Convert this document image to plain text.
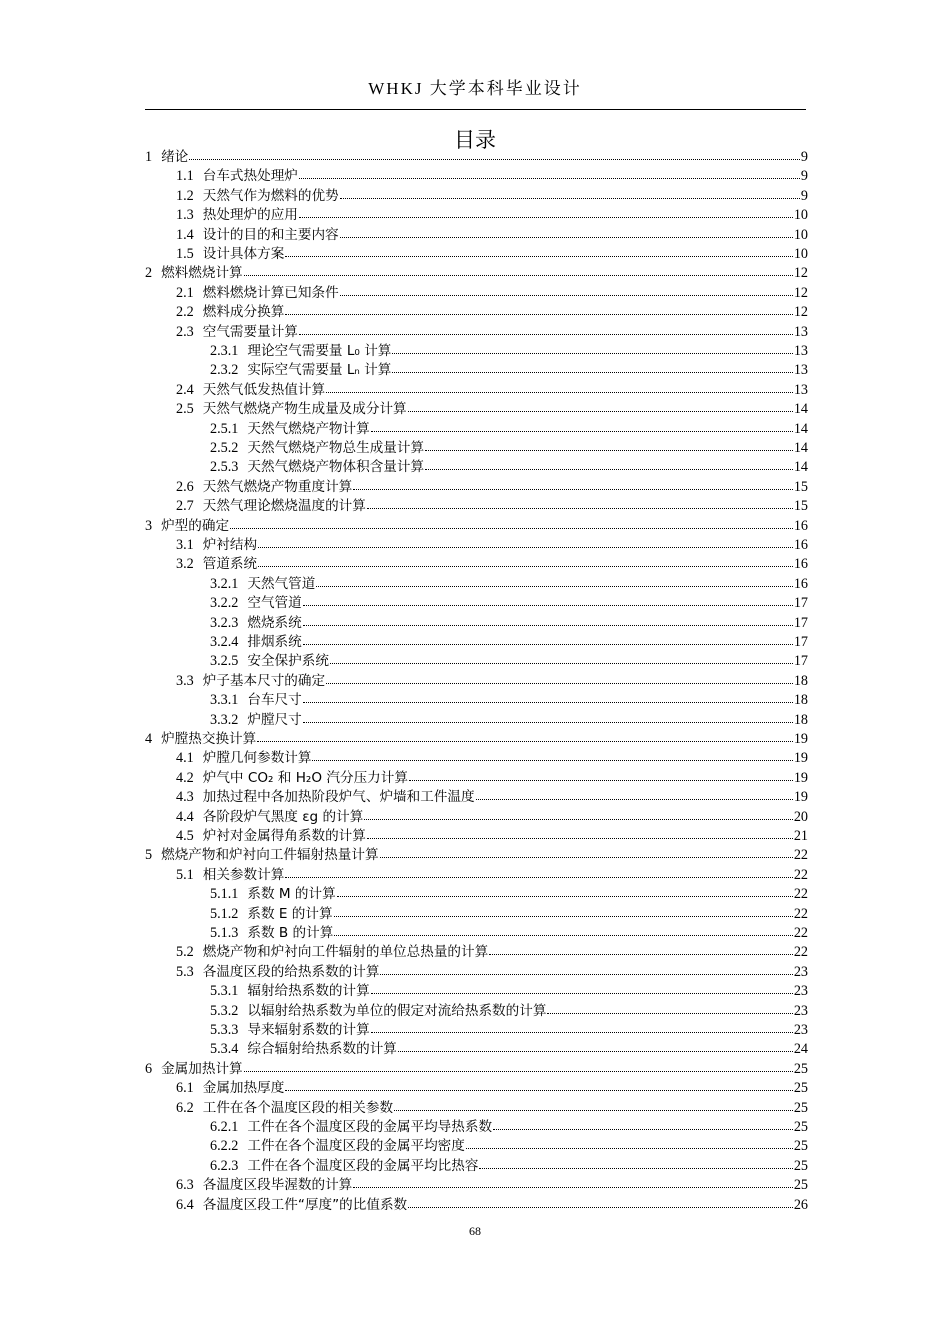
WHKJ 大学本科毕业设计
目录
1 绪论	9
1.1 台车式热处理炉	9
1.2 天然气作为燃料的优势	9
1.3 热处理炉的应用	10
1.4 设计的目的和主要内容	10
1.5 设计具体方案	10
2 燃料燃烧计算	12
2.1 燃料燃烧计算已知条件	12
2.2 燃料成分换算	12
2.3 空气需要量计算	13
2.3.1 理论空气需要量 L₀ 计算	13
2.3.2 实际空气需要量 Lₙ 计算	13
2.4 天然气低发热值计算	13
2.5 天然气燃烧产物生成量及成分计算	14
2.5.1 天然气燃烧产物计算	14
2.5.2 天然气燃烧产物总生成量计算	14
2.5.3 天然气燃烧产物体积含量计算	14
2.6 天然气燃烧产物重度计算	15
2.7 天然气理论燃烧温度的计算	15
3 炉型的确定	16
3.1 炉衬结构	16
3.2 管道系统	16
3.2.1 天然气管道	16
3.2.2 空气管道	17
3.2.3 燃烧系统	17
3.2.4 排烟系统	17
3.2.5 安全保护系统	17
3.3 炉子基本尺寸的确定	18
3.3.1 台车尺寸	18
3.3.2 炉膛尺寸	18
4 炉膛热交换计算	19
4.1 炉膛几何参数计算	19
4.2 炉气中 CO₂ 和 H₂O 汽分压力计算	19
4.3 加热过程中各加热阶段炉气、炉墙和工件温度	19
4.4 各阶段炉气黑度 εg 的计算	20
4.5 炉衬对金属得角系数的计算	21
5 燃烧产物和炉衬向工件辐射热量计算	22
5.1 相关参数计算	22
5.1.1 系数 M 的计算	22
5.1.2 系数 E 的计算	22
5.1.3 系数 B 的计算	22
5.2 燃烧产物和炉衬向工件辐射的单位总热量的计算	22
5.3 各温度区段的给热系数的计算	23
5.3.1 辐射给热系数的计算	23
5.3.2 以辐射给热系数为单位的假定对流给热系数的计算	23
5.3.3 导来辐射系数的计算	23
5.3.4 综合辐射给热系数的计算	24
6 金属加热计算	25
6.1 金属加热厚度	25
6.2 工件在各个温度区段的相关参数	25
6.2.1 工件在各个温度区段的金属平均导热系数	25
6.2.2 工件在各个温度区段的金属平均密度	25
6.2.3 工件在各个温度区段的金属平均比热容	25
6.3 各温度区段毕渥数的计算	25
6.4 各温度区段工件“厚度”的比值系数	26
68
